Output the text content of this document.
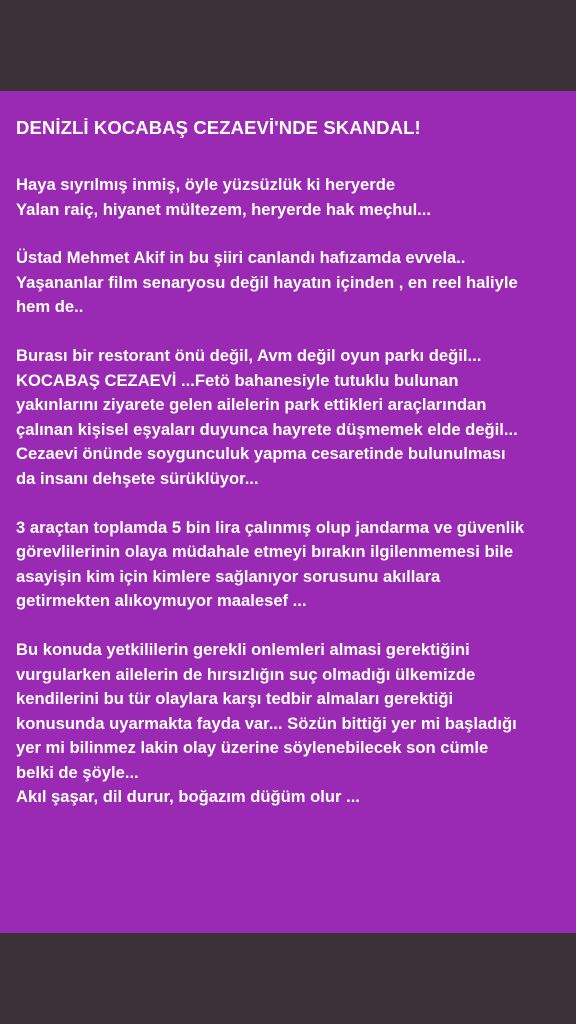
DENİZLİ KOCABAŞ CEZAEVİ'NDE SKANDAL!
Haya sıyrılmış inmiş, öyle yüzsüzlük ki heryerde
Yalan raiç, hiyanet mültezem, heryerde hak meçhul...
Üstad Mehmet Akif in bu şiiri canlandı hafızamda evvela..
Yaşananlar film senaryosu değil hayatın içinden , en reel haliyle
hem de..
Burası bir restorant önü değil, Avm değil oyun parkı değil...
KOCABAŞ CEZAEVİ ...Fetö bahanesiyle tutuklu bulunan
yakınlarını ziyarete gelen ailelerin park ettikleri araçlarından
çalınan kişisel eşyaları duyunca hayrete düşmemek elde değil...
Cezaevi önünde soygunculuk yapma cesaretinde bulunulması
da insanı dehşete sürüklüyor...
3 araçtan toplamda 5 bin lira çalınmış olup jandarma ve güvenlik
görevlilerinin olaya müdahale etmeyi bırakın ilgilenmemesi bile
asayişin kim için kimlere sağlanıyor sorusunu akıllara
getirmekten alıkoymuyor maalesef ...
Bu konuda yetkililerin gerekli onlemleri almasi gerektiğini
vurgularken ailelerin de hırsızlığın suç olmadığı ülkemizde
kendilerini bu tür olaylara karşı tedbir almaları gerektiği
konusunda uyarmakta fayda var... Sözün bittiği yer mi başladığı
yer mi bilinmez lakin olay üzerine söylenebilecek son cümle
belki de şöyle...
Akıl şaşar, dil durur, boğazım düğüm olur ...
